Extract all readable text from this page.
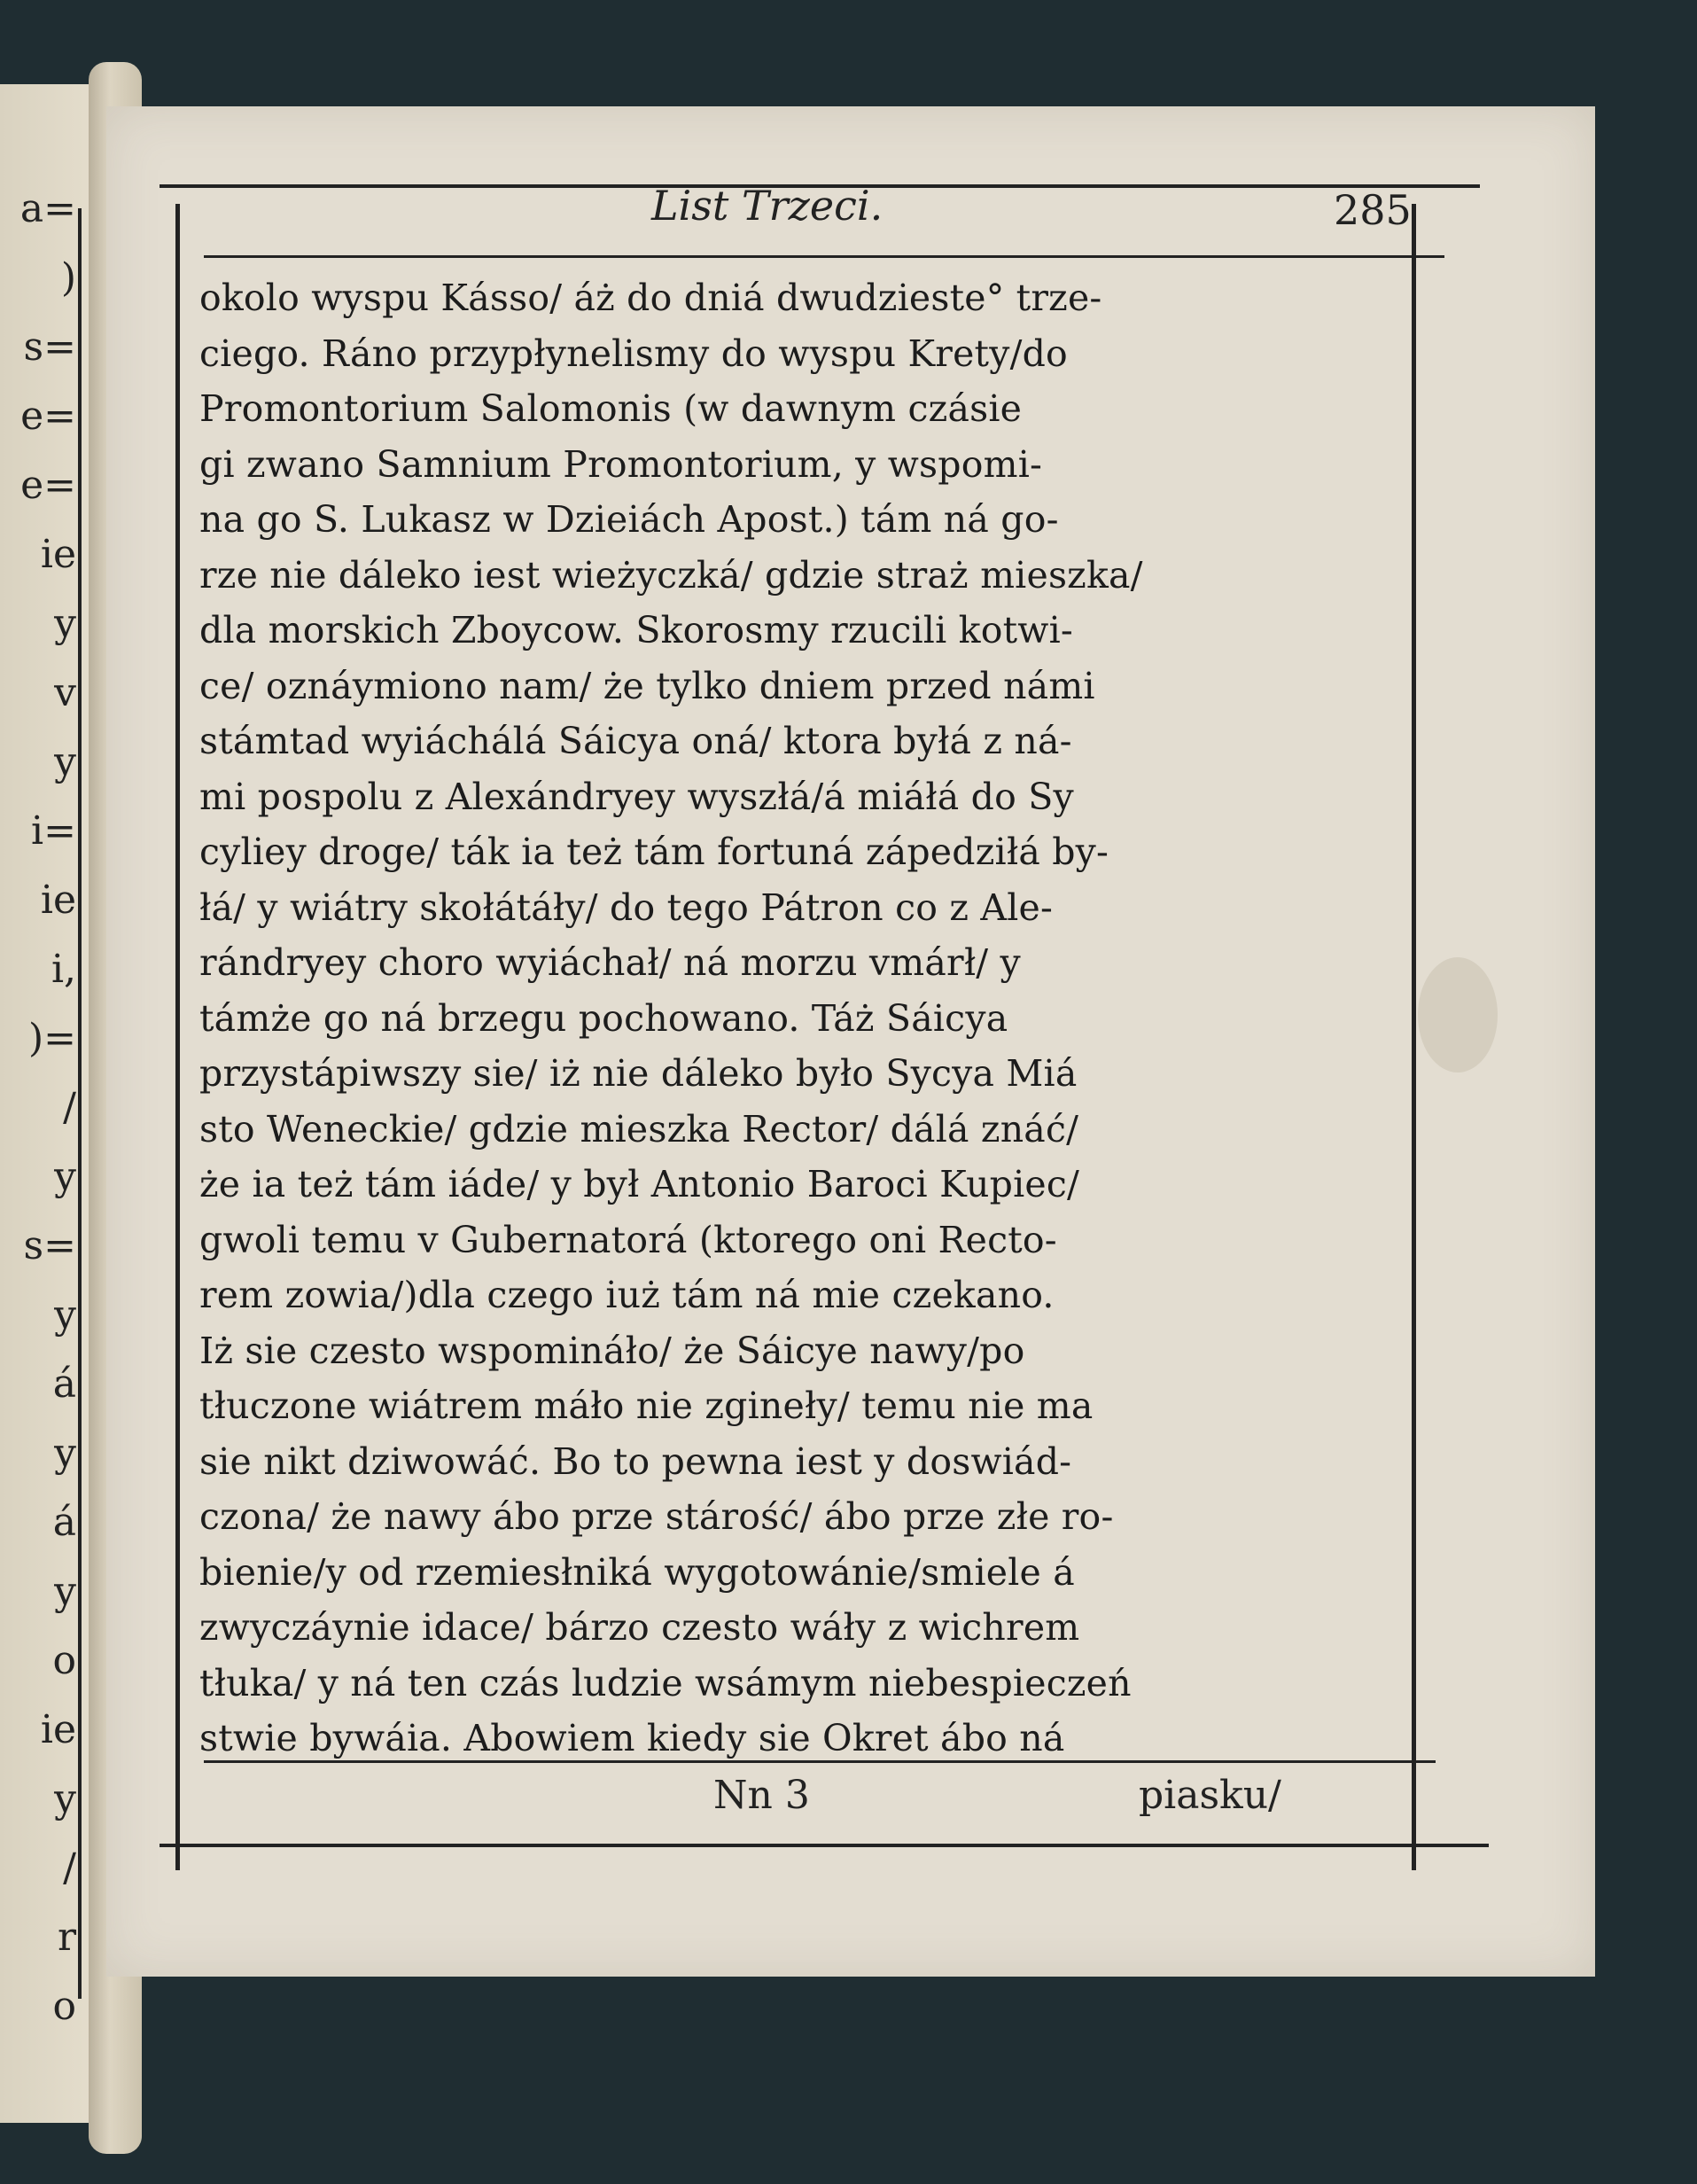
a=
)
s=
e=
e=
ie
y
v
y
i=
ie
i,
)=
/
y
s=
y
á
y
á
y
o
ie
y
/
r
o
List Trzeci.	285
okolo wyspu Kásso/ áż do dniá dwudzieste° trze-
ciego. Ráno przypłynelismy do wyspu Krety/do
Promontorium Salomonis (w dawnym czásie
gi zwano Samnium Promontorium, y wspomi-
na go S. Lukasz w Dzieiách Apost.) tám ná go-
rze nie dáleko iest wieżyczká/ gdzie straż mieszka/
dla morskich Zboycow. Skorosmy rzucili kotwi-
ce/ oznáymiono nam/ że tylko dniem przed námi
stámtad wyiáchálá Sáicya oná/ ktora byłá z ná-
mi pospolu z Alexándryey wyszłá/á miáłá do Sy
cyliey droge/ ták ia też tám fortuná zápedziłá by-
łá/ y wiátry skołátáły/ do tego Pátron co z Ale-
rándryey choro wyiáchał/ ná morzu vmárł/ y
támże go ná brzegu pochowano. Táż Sáicya
przystápiwszy sie/ iż nie dáleko było Sycya Miá
sto Weneckie/ gdzie mieszka Rector/ dálá znáć/
że ia też tám iáde/ y był Antonio Baroci Kupiec/
gwoli temu v Gubernatorá (ktorego oni Recto-
rem zowia/)dla czego iuż tám ná mie czekano.
Iż sie czesto wspomináło/ że Sáicye nawy/po
tłuczone wiátrem máło nie zgineły/ temu nie ma
sie nikt dziwowáć. Bo to pewna iest y doswiád-
czona/ że nawy ábo prze stárość/ ábo prze złe ro-
bienie/y od rzemiesłniká wygotowánie/smiele á
zwyczáynie idace/ bárzo czesto wáły z wichrem
tłuka/ y ná ten czás ludzie wsámym niebespieczeń
stwie bywáia. Abowiem kiedy sie Okret ábo ná
Nn 3	piasku/
